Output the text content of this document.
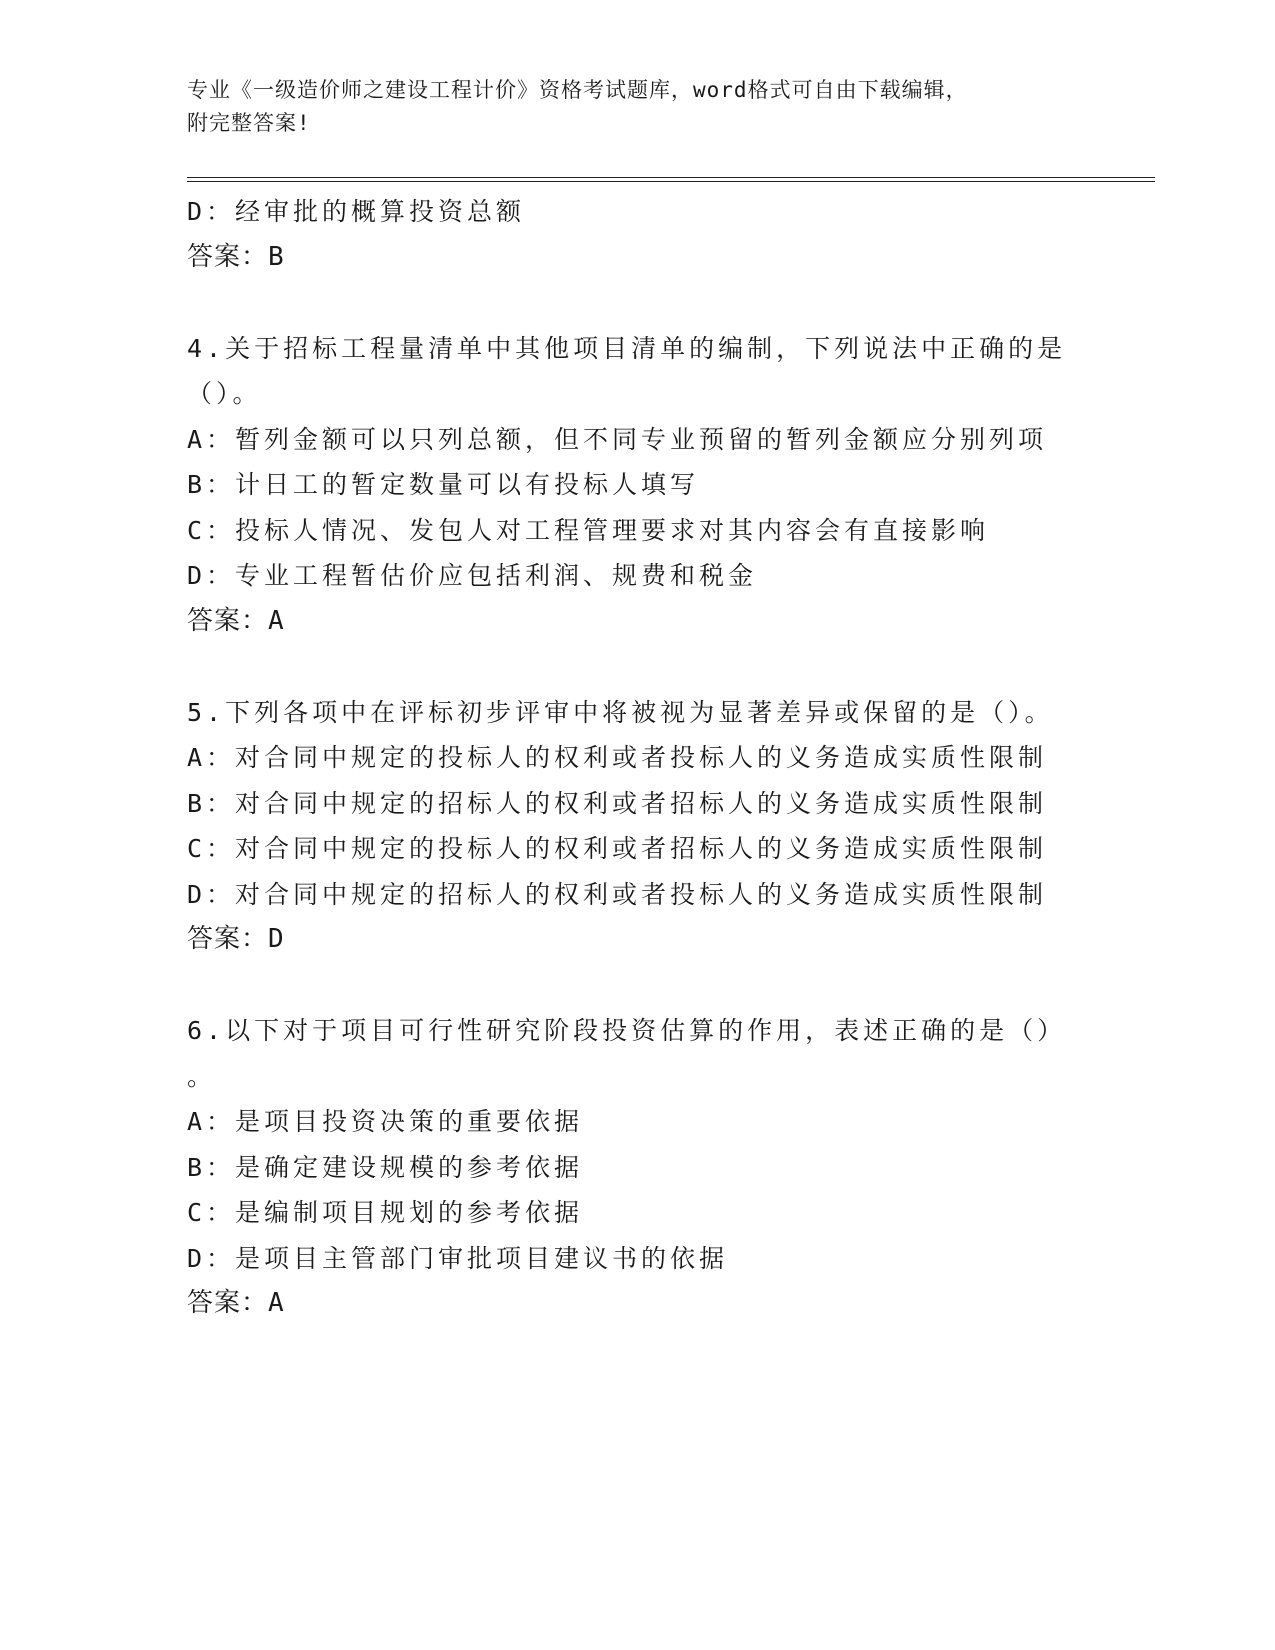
专业《一级造价师之建设工程计价》资格考试题库，word格式可自由下载编辑，
附完整答案!
D：经审批的概算投资总额
答案：B
4.关于招标工程量清单中其他项目清单的编制，下列说法中正确的是
（）。
A：暂列金额可以只列总额，但不同专业预留的暂列金额应分别列项
B：计日工的暂定数量可以有投标人填写
C：投标人情况、发包人对工程管理要求对其内容会有直接影响
D：专业工程暂估价应包括利润、规费和税金
答案：A
5.下列各项中在评标初步评审中将被视为显著差异或保留的是（）。
A：对合同中规定的投标人的权利或者投标人的义务造成实质性限制
B：对合同中规定的招标人的权利或者招标人的义务造成实质性限制
C：对合同中规定的投标人的权利或者招标人的义务造成实质性限制
D：对合同中规定的招标人的权利或者投标人的义务造成实质性限制
答案：D
6.以下对于项目可行性研究阶段投资估算的作用，表述正确的是（）
。
A：是项目投资决策的重要依据
B：是确定建设规模的参考依据
C：是编制项目规划的参考依据
D：是项目主管部门审批项目建议书的依据
答案：A
